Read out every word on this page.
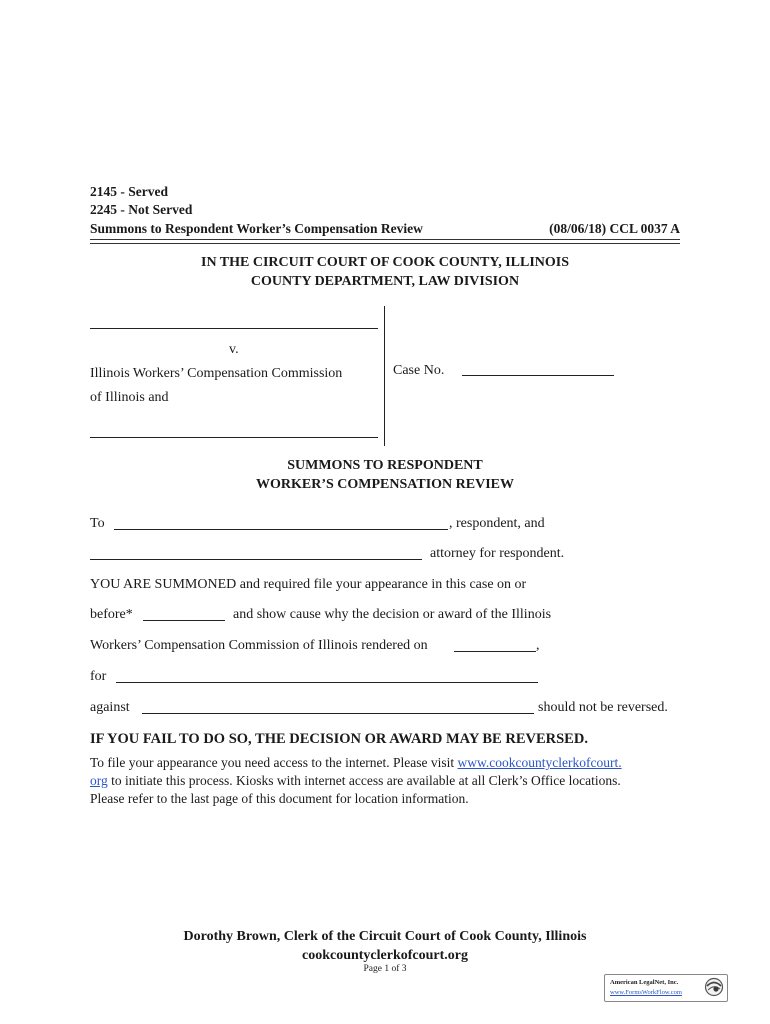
2145 - Served
2245 - Not Served
Summons to Respondent Worker’s Compensation Review	(08/06/18) CCL 0037 A
IN THE CIRCUIT COURT OF COOK COUNTY, ILLINOIS
COUNTY DEPARTMENT, LAW DIVISION
v.
Illinois Workers’ Compensation Commission
of Illinois and
Case No.
SUMMONS TO RESPONDENT
WORKER’S COMPENSATION REVIEW
To	, respondent, and
attorney for respondent.
YOU ARE SUMMONED and required file your appearance in this case on or
before*	and show cause why the decision or award of the Illinois
Workers’ Compensation Commission of Illinois rendered on	,
for
against	should not be reversed.
IF YOU FAIL TO DO SO, THE DECISION OR AWARD MAY BE REVERSED.
To file your appearance you need access to the internet. Please visit www.cookcountyclerkofcourt.
org to initiate this process. Kiosks with internet access are available at all Clerk’s Office locations.
Please refer to the last page of this document for location information.
Dorothy Brown, Clerk of the Circuit Court of Cook County, Illinois
cookcountyclerkofcourt.org
Page 1 of 3
American LegalNet, Inc.
www.FormsWorkFlow.com
